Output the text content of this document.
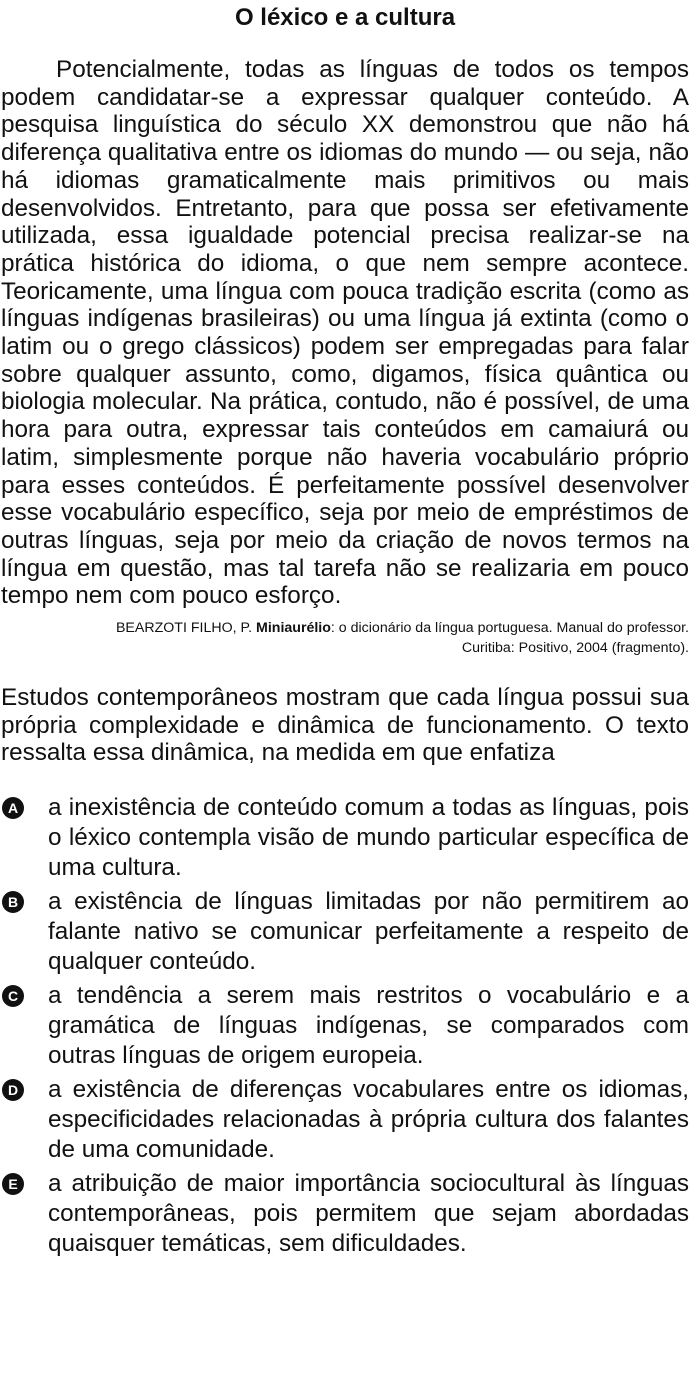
O léxico e a cultura

Potencialmente, todas as línguas de todos os tempos podem candidatar-se a expressar qualquer conteúdo. A pesquisa linguística do século XX demonstrou que não há diferença qualitativa entre os idiomas do mundo — ou seja, não há idiomas gramaticalmente mais primitivos ou mais desenvolvidos. Entretanto, para que possa ser efetivamente utilizada, essa igualdade potencial precisa realizar-se na prática histórica do idioma, o que nem sempre acontece. Teoricamente, uma língua com pouca tradição escrita (como as línguas indígenas brasileiras) ou uma língua já extinta (como o latim ou o grego clássicos) podem ser empregadas para falar sobre qualquer assunto, como, digamos, física quântica ou biologia molecular. Na prática, contudo, não é possível, de uma hora para outra, expressar tais conteúdos em camaiurá ou latim, simplesmente porque não haveria vocabulário próprio para esses conteúdos. É perfeitamente possível desenvolver esse vocabulário específico, seja por meio de empréstimos de outras línguas, seja por meio da criação de novos termos na língua em questão, mas tal tarefa não se realizaria em pouco tempo nem com pouco esforço.

BEARZOTI FILHO, P. Miniaurélio: o dicionário da língua portuguesa. Manual do professor.
Curitiba: Positivo, 2004 (fragmento).

Estudos contemporâneos mostram que cada língua possui sua própria complexidade e dinâmica de funcionamento. O texto ressalta essa dinâmica, na medida em que enfatiza

A a inexistência de conteúdo comum a todas as línguas, pois o léxico contempla visão de mundo particular específica de uma cultura.
B a existência de línguas limitadas por não permitirem ao falante nativo se comunicar perfeitamente a respeito de qualquer conteúdo.
C a tendência a serem mais restritos o vocabulário e a gramática de línguas indígenas, se comparados com outras línguas de origem europeia.
D a existência de diferenças vocabulares entre os idiomas, especificidades relacionadas à própria cultura dos falantes de uma comunidade.
E a atribuição de maior importância sociocultural às línguas contemporâneas, pois permitem que sejam abordadas quaisquer temáticas, sem dificuldades.
